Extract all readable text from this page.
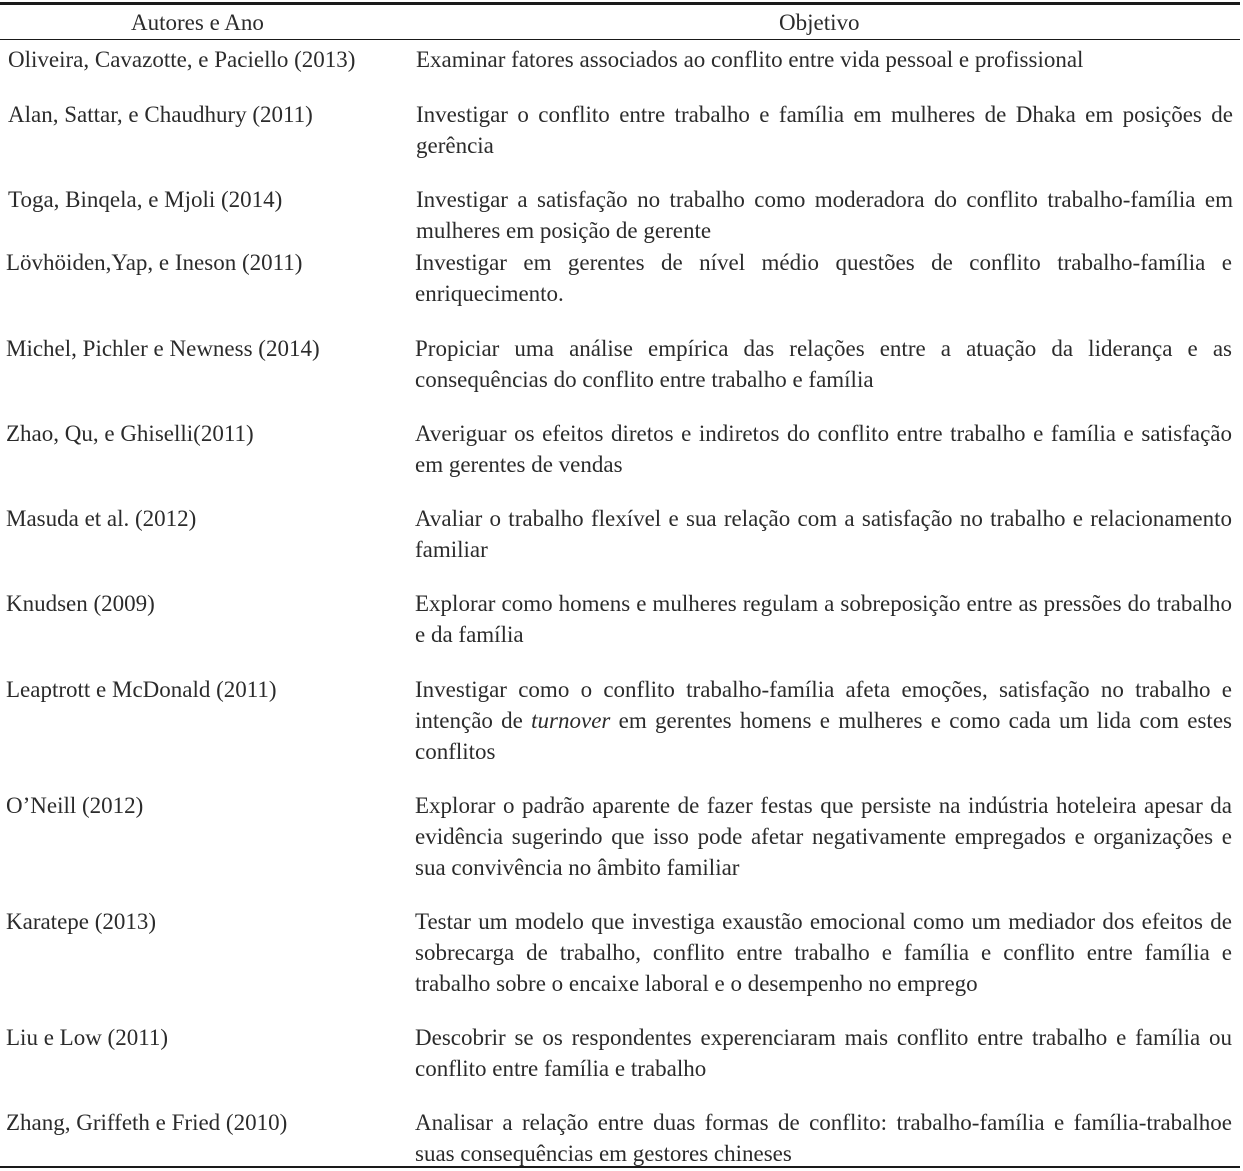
Autores e Ano	Objetivo
Oliveira, Cavazotte, e Paciello (2013)	Examinar fatores associados ao conflito entre vida pessoal e profissional
Alan, Sattar, e Chaudhury (2011)	Investigar o conflito entre trabalho e família em mulheres de Dhaka em posições de gerência
Toga, Binqela, e Mjoli (2014)	Investigar a satisfação no trabalho como moderadora do conflito trabalho-família em mulheres em posição de gerente
Lövhöiden,Yap, e Ineson (2011)	Investigar em gerentes de nível médio questões de conflito trabalho-família e enriquecimento.
Michel, Pichler e Newness (2014)	Propiciar uma análise empírica das relações entre a atuação da liderança e as consequências do conflito entre trabalho e família
Zhao, Qu, e Ghiselli(2011)	Averiguar os efeitos diretos e indiretos do conflito entre trabalho e família e satisfação em gerentes de vendas
Masuda et al. (2012)	Avaliar o trabalho flexível e sua relação com a satisfação no trabalho e relacionamento familiar
Knudsen (2009)	Explorar como homens e mulheres regulam a sobreposição entre as pressões do trabalho e da família
Leaptrott e McDonald (2011)	Investigar como o conflito trabalho-família afeta emoções, satisfação no trabalho e intenção de turnover em gerentes homens e mulheres e como cada um lida com estes conflitos
O’Neill (2012)	Explorar o padrão aparente de fazer festas que persiste na indústria hoteleira apesar da evidência sugerindo que isso pode afetar negativamente empregados e organizações e sua convivência no âmbito familiar
Karatepe (2013)	Testar um modelo que investiga exaustão emocional como um mediador dos efeitos de sobrecarga de trabalho, conflito entre trabalho e família e conflito entre família e trabalho sobre o encaixe laboral e o desempenho no emprego
Liu e Low (2011)	Descobrir se os respondentes experenciaram mais conflito entre trabalho e família ou conflito entre família e trabalho
Zhang, Griffeth e Fried (2010)	Analisar a relação entre duas formas de conflito: trabalho-família e família-trabalhoe suas consequências em gestores chineses
